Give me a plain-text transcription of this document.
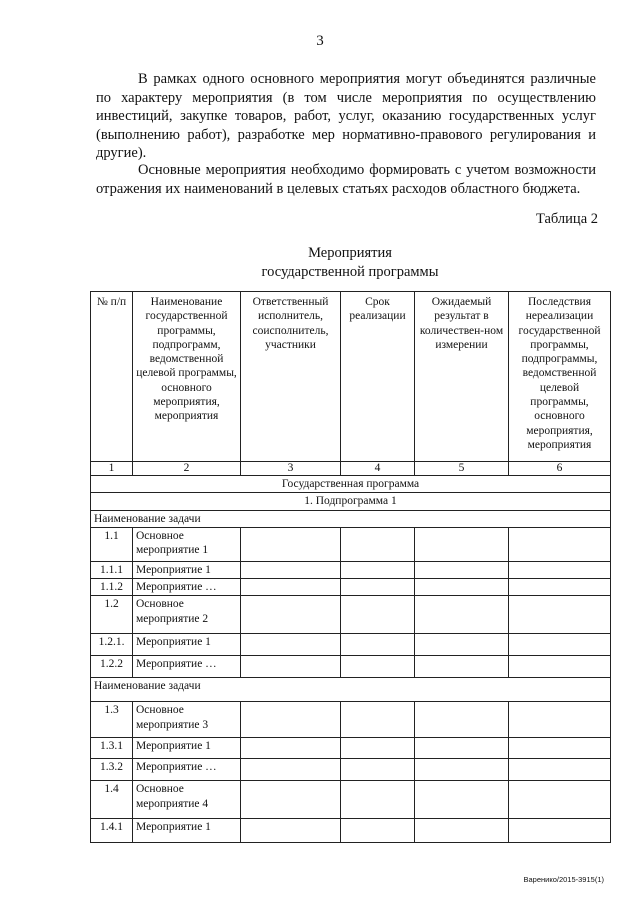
3

В рамках одного основного мероприятия могут объединятся различные по характеру мероприятия (в том числе мероприятия по осуществлению инвестиций, закупке товаров, работ, услуг, оказанию государственных услуг (выполнению работ), разработке мер нормативно-правового регулирования и другие).

Основные мероприятия необходимо формировать с учетом возможности отражения их наименований в целевых статьях расходов областного бюджета.

Таблица 2
Мероприятия
государственной программы
№ п/п	Наименование государственной программы, подпрограмм, ведомственной целевой программы, основного мероприятия, мероприятия	Ответственный исполнитель, соисполнитель, участники	Срок реализации	Ожидаемый результат в количествен-ном измерении	Последствия нереализации государственной программы, подпрограммы, ведомственной целевой программы, основного мероприятия, мероприятия
1	2	3	4	5	6
Государственная программа					
1. Подпрограмма 1					
Наименование задачи					
1.1	Основное мероприятие 1				
1.1.1	Мероприятие 1				
1.1.2	Мероприятие …				
1.2	Основное мероприятие 2				
1.2.1.	Мероприятие 1				
1.2.2	Мероприятие …				
Наименование задачи					
1.3	Основное мероприятие 3				
1.3.1	Мероприятие 1				
1.3.2	Мероприятие …				
1.4	Основное мероприятие 4				
1.4.1	Мероприятие 1				
Варенико/2015-3915(1)
